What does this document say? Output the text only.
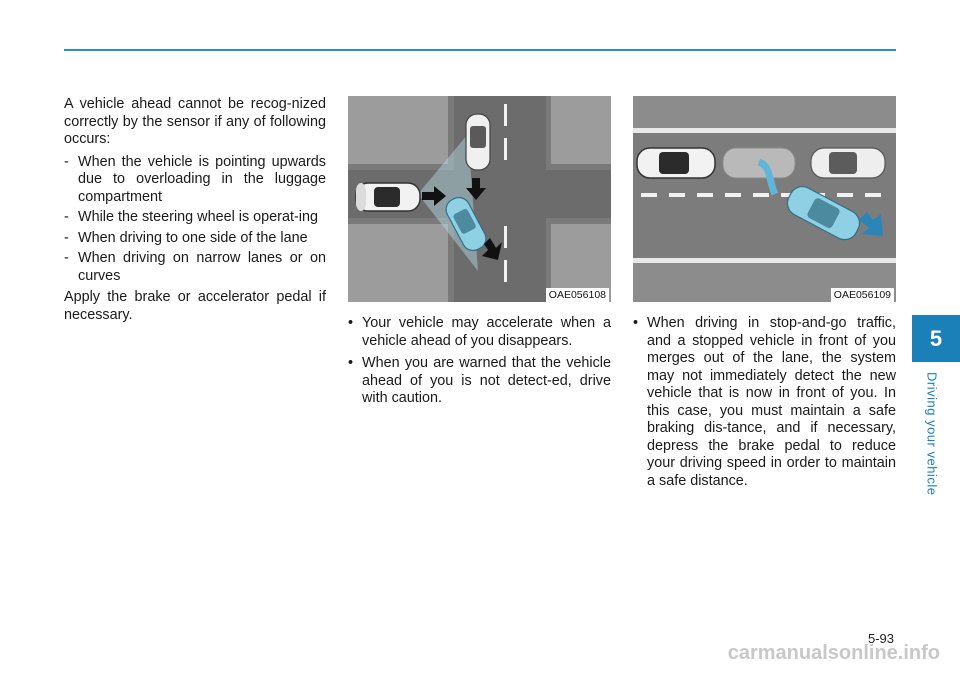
5
Driving your vehicle

A vehicle ahead cannot be recog-nized correctly by the sensor if any of following occurs:

- When the vehicle is pointing upwards due to overloading in the luggage compartment
- While the steering wheel is operat-ing
- When driving to one side of the lane
- When driving on narrow lanes or on curves

Apply the brake or accelerator pedal if necessary.

OAE056108	OAE056109
• Your vehicle may accelerate when a vehicle ahead of you disappears.
• When you are warned that the vehicle ahead of you is not detect-ed, drive with caution.
• When driving in stop-and-go traffic, and a stopped vehicle in front of you merges out of the lane, the system may not immediately detect the new vehicle that is now in front of you. In this case, you must maintain a safe braking dis-tance, and if necessary, depress the brake pedal to reduce your driving speed in order to maintain a safe distance.
5-93
carmanualsonline.info
